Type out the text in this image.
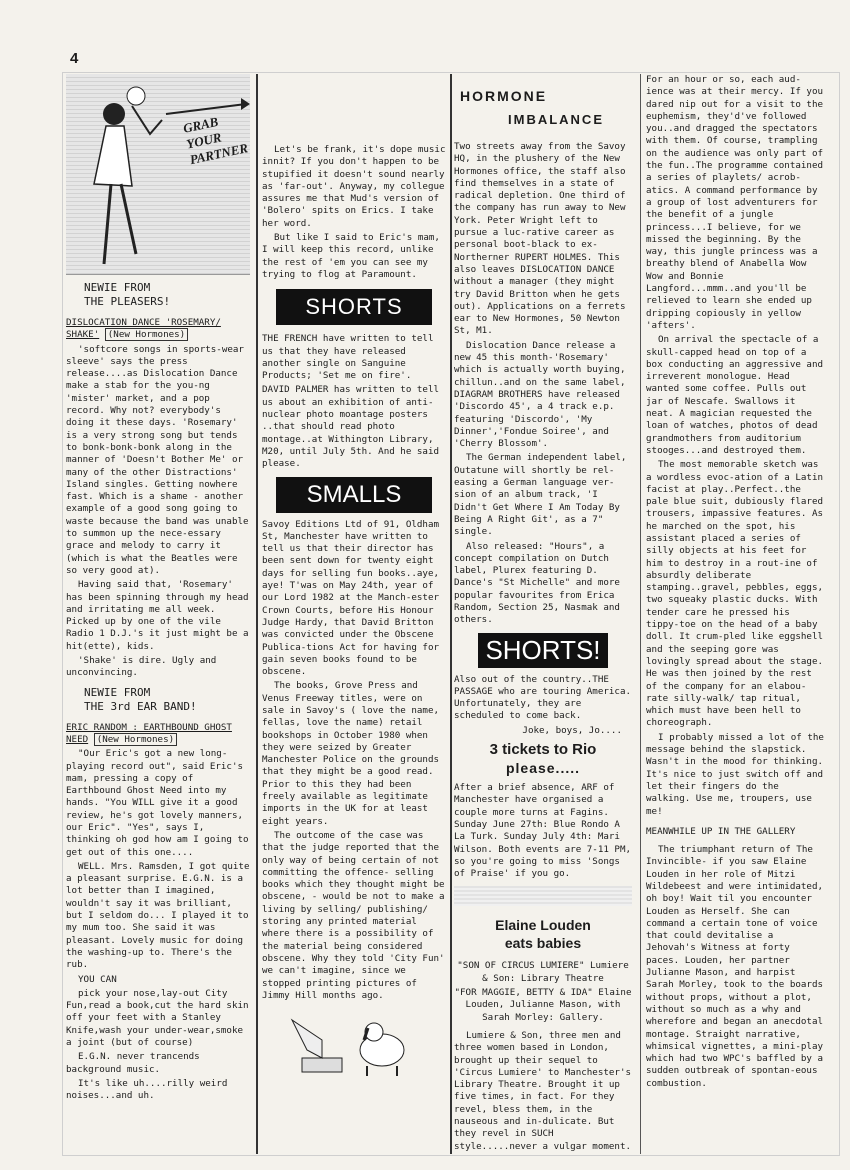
4
GRAB YOUR PARTNER
NEWIE FROM
THE PLEASERS!

DISLOCATION DANCE 'ROSEMARY/ SHAKE' (New Hormones)

'softcore songs in sports-wear sleeve' says the press release....as Dislocation Dance make a stab for the you-ng 'mister' market, and a pop record. Why not? everybody's doing it these days. 'Rosemary' is a very strong song but tends to bonk-bonk-bonk along in the manner of 'Doesn't Bother Me' or many of the other Distractions' Island singles. Getting nowhere fast. Which is a shame - another example of a good song going to waste because the band was unable to summon up the nece-essary grace and melody to carry it (which is what the Beatles were so very good at).

Having said that, 'Rosemary' has been spinning through my head and irritating me all week. Picked up by one of the vile Radio 1 D.J.'s it just might be a hit(ette), kids.

'Shake' is dire. Ugly and unconvincing.

NEWIE FROM
THE 3rd EAR BAND!

ERIC RANDOM : EARTHBOUND GHOST NEED (New Hormones)

"Our Eric's got a new long-playing record out", said Eric's mam, pressing a copy of Earthbound Ghost Need into my hands. "You WILL give it a good review, he's got lovely manners, our Eric". "Yes", says I, thinking oh god how am I going to get out of this one....

WELL. Mrs. Ramsden, I got quite a pleasant surprise. E.G.N. is a lot better than I imagined, wouldn't say it was brilliant, but I seldom do... I played it to my mum too. She said it was pleasant. Lovely music for doing the washing-up to. There's the rub.

YOU CAN

pick your nose,lay-out City Fun,read a book,cut the hard skin off your feet with a Stanley Knife,wash your under-wear,smoke a joint (but of course)

E.G.N. never trancends background music.

It's like uh....rilly weird noises...and uh.

Let's be frank, it's dope music innit? If you don't happen to be stupified it doesn't sound nearly as 'far-out'. Anyway, my collegue assures me that Mud's version of 'Bolero' spits on Erics. I take her word.

But like I said to Eric's mam, I will keep this record, unlike the rest of 'em you can see my trying to flog at Paramount.

SHORTS

THE FRENCH have written to tell us that they have released another single on Sanguine Products; 'Set me on fire'.

DAVID PALMER has written to tell us about an exhibition of anti-nuclear photo moantage posters ..that should read photo montage..at Withington Library, M20, until July 5th. And he said please.

SMALLS

Savoy Editions Ltd of 91, Oldham St, Manchester have written to tell us that their director has been sent down for twenty eight days for selling fun books..aye, aye! T'was on May 24th, year of our Lord 1982 at the Manch-ester Crown Courts, before His Honour Judge Hardy, that David Britton was convicted under the Obscene Publica-tions Act for having for gain seven books found to be obscene.

The books, Grove Press and Venus Freeway titles, were on sale in Savoy's ( love the name, fellas, love the name) retail bookshops in October 1980 when they were seized by Greater Manchester Police on the grounds that they might be a good read. Prior to this they had been freely available as legitimate imports in the UK for at least eight years.

The outcome of the case was that the judge reported that the only way of being certain of not committing the offence- selling books which they thought might be obscene, - would be not to make a living by selling/ publishing/ storing any printed material where there is a possibility of the material being considered obscene. Why they told 'City Fun' we can't imagine, since we stopped printing pictures of Jimmy Hill months ago.

HORMONE
IMBALANCE

Two streets away from the Savoy HQ, in the plushery of the New Hormones office, the staff also find themselves in a state of radical depletion. One third of the company has run away to New York. Peter Wright left to pursue a luc-rative career as personal boot-black to ex-Northerner RUPERT HOLMES. This also leaves DISLOCATION DANCE without a manager (they might try David Britton when he gets out). Applications on a ferrets ear to New Hormones, 50 Newton St, M1.

Dislocation Dance release a new 45 this month-'Rosemary' which is actually worth buying, chillun..and on the same label, DIAGRAM BROTHERS have released 'Discordo 45', a 4 track e.p. featuring 'Discordo', 'My Dinner','Fondue Soiree', and 'Cherry Blossom'.

The German independent label, Outatune will shortly be rel-easing a German language ver-sion of an album track, 'I Didn't Get Where I Am Today By Being A Right Git', as a 7" single.

Also released: "Hours", a concept compilation on Dutch label, Plurex featuring D. Dance's "St Michelle" and more popular favourites from Erica Random, Section 25, Nasmak and others.

SHORTS!

Also out of the country..THE PASSAGE who are touring America. Unfortunately, they are scheduled to come back.

Joke, boys, Jo....

3 tickets to Rio
please.....

After a brief absence, ARF of Manchester have organised a couple more turns at Fagins. Sunday June 27th: Blue Rondo A La Turk. Sunday July 4th: Mari Wilson. Both events are 7-11 PM, so you're going to miss 'Songs of Praise' if you go.

Elaine Louden
eats babies

"SON OF CIRCUS LUMIERE" Lumiere & Son: Library Theatre

"FOR MAGGIE, BETTY & IDA" Elaine Louden, Julianne Mason, with Sarah Morley: Gallery.

Lumiere & Son, three men and three women based in London, brought up their sequel to 'Circus Lumiere' to Manchester's Library Theatre. Brought it up five times, in fact. For they revel, bless them, in the nauseous and in-dulicate. But they revel in SUCH style.....never a vulgar moment.

For an hour or so, each aud-ience was at their mercy. If you dared nip out for a visit to the euphemism, they'd've followed you..and dragged the spectators with them. Of course, trampling on the audience was only part of the fun..The programme contained a series of playlets/ acrob-atics. A command performance by a group of lost adventurers for the benefit of a jungle princess...I believe, for we missed the beginning. By the way, this jungle princess was a breathy blend of Anabella Wow Wow and Bonnie Langford...mmm..and you'll be relieved to learn she ended up dripping copiously in yellow 'afters'.

On arrival the spectacle of a skull-capped head on top of a box conducting an aggressive and irreverent monologue. Head wanted some coffee. Pulls out jar of Nescafe. Swallows it neat. A magician requested the loan of watches, photos of dead grandmothers from auditorium stooges...and destroyed them.

The most memorable sketch was a wordless evoc-ation of a Latin facist at play..Perfect..the pale blue suit, dubiously flared trousers, impassive features. As he marched on the spot, his assistant placed a series of silly objects at his feet for him to destroy in a rout-ine of absurdly deliberate stamping..gravel, pebbles, eggs, two squeaky plastic ducks. With tender care he pressed his tippy-toe on the head of a baby doll. It crum-pled like eggshell and the seeping gore was lovingly spread about the stage. He was then joined by the rest of the company for an elabou-rate silly-walk/ tap ritual, which must have been hell to choreograph.

I probably missed a lot of the message behind the slapstick. Wasn't in the mood for thinking. It's nice to just switch off and let their fingers do the walking. Use me, troupers, use me!

MEANWHILE UP IN THE GALLERY

The triumphant return of The Invincible- if you saw Elaine Louden in her role of Mitzi Wildebeest and were intimidated, oh boy! Wait til you encounter Louden as Herself. She can command a certain tone of voice that could devitalise a Jehovah's Witness at forty paces. Louden, her partner Julianne Mason, and harpist Sarah Morley, took to the boards without props, without a plot, without so much as a why and wherefore and began an anecdotal montage. Straight narrative, whimsical vignettes, a mini-play which had two WPC's baffled by a sudden outbreak of spontan-eous combustion.
